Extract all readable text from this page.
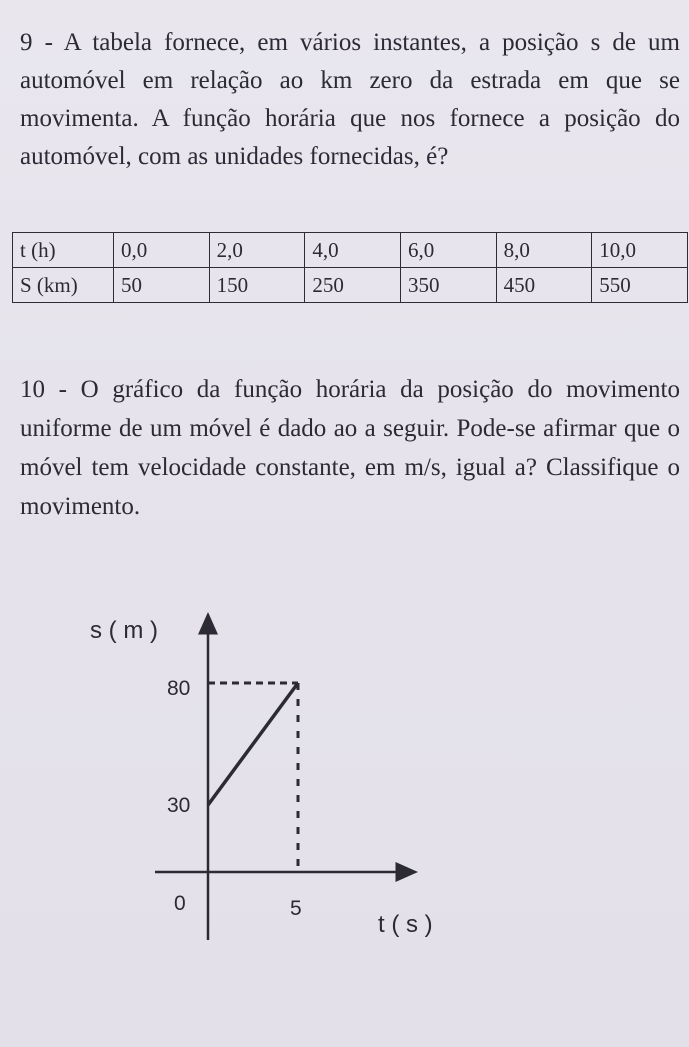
9 - A tabela fornece, em vários instantes, a posição s de um automóvel em relação ao km zero da estrada em que se movimenta. A função horária que nos fornece a posição do automóvel, com as unidades fornecidas, é?

t (h)	0,0	2,0	4,0	6,0	8,0	10,0
S (km)	50	150	250	350	450	550

10 - O gráfico da função horária da posição do movimento uniforme de um móvel é dado ao a seguir. Pode-se afirmar que o móvel tem velocidade constante, em m/s, igual a? Classifique o movimento.

s ( m )
t ( s )
80
30
0	5
